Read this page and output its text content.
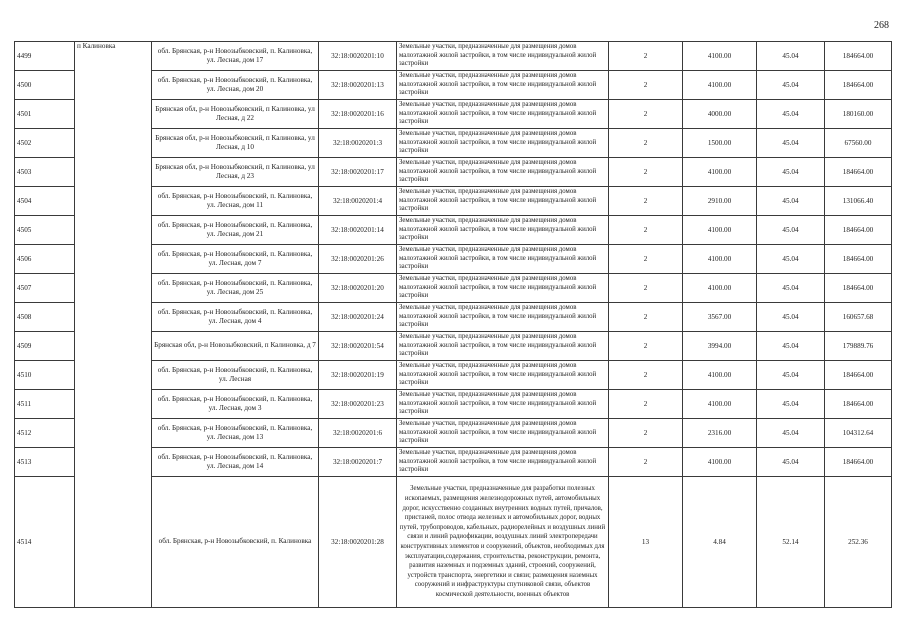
268
4499	п Калиновка	обл. Брянская, р-н Новозыбковский, п. Калиновка, ул. Лесная, дом 17	32:18:0020201:10	Земельные участки, предназначенные для размещения домов малоэтажной жилой застройки, в том числе индивидуальной жилой застройки	2	4100.00	45.04	184664.00
4500		обл. Брянская, р-н Новозыбковский, п. Калиновка, ул. Лесная, дом 20	32:18:0020201:13	Земельные участки, предназначенные для размещения домов малоэтажной жилой застройки, в том числе индивидуальной жилой застройки	2	4100.00	45.04	184664.00
4501		Брянская обл, р-н Новозыбковский, п Калиновка, ул Лесная, д 22	32:18:0020201:16	Земельные участки, предназначенные для размещения домов малоэтажной жилой застройки, в том числе индивидуальной жилой застройки	2	4000.00	45.04	180160.00
4502		Брянская обл, р-н Новозыбковский, п Калиновка, ул Лесная, д 10	32:18:0020201:3	Земельные участки, предназначенные для размещения домов малоэтажной жилой застройки, в том числе индивидуальной жилой застройки	2	1500.00	45.04	67560.00
4503		Брянская обл, р-н Новозыбковский, п Калиновка, ул Лесная, д 23	32:18:0020201:17	Земельные участки, предназначенные для размещения домов малоэтажной жилой застройки, в том числе индивидуальной жилой застройки	2	4100.00	45.04	184664.00
4504		обл. Брянская, р-н Новозыбковский, п. Калиновка, ул. Лесная, дом 11	32:18:0020201:4	Земельные участки, предназначенные для размещения домов малоэтажной жилой застройки, в том числе индивидуальной жилой застройки	2	2910.00	45.04	131066.40
4505		обл. Брянская, р-н Новозыбковский, п. Калиновка, ул. Лесная, дом 21	32:18:0020201:14	Земельные участки, предназначенные для размещения домов малоэтажной жилой застройки, в том числе индивидуальной жилой застройки	2	4100.00	45.04	184664.00
4506		обл. Брянская, р-н Новозыбковский, п. Калиновка, ул. Лесная, дом 7	32:18:0020201:26	Земельные участки, предназначенные для размещения домов малоэтажной жилой застройки, в том числе индивидуальной жилой застройки	2	4100.00	45.04	184664.00
4507		обл. Брянская, р-н Новозыбковский, п. Калиновка, ул. Лесная, дом 25	32:18:0020201:20	Земельные участки, предназначенные для размещения домов малоэтажной жилой застройки, в том числе индивидуальной жилой застройки	2	4100.00	45.04	184664.00
4508		обл. Брянская, р-н Новозыбковский, п. Калиновка, ул. Лесная, дом 4	32:18:0020201:24	Земельные участки, предназначенные для размещения домов малоэтажной жилой застройки, в том числе индивидуальной жилой застройки	2	3567.00	45.04	160657.68
4509		Брянская обл, р-н Новозыбковский, п Калиновка, д 7	32:18:0020201:54	Земельные участки, предназначенные для размещения домов малоэтажной жилой застройки, в том числе индивидуальной жилой застройки	2	3994.00	45.04	179889.76
4510		обл. Брянская, р-н Новозыбковский, п. Калиновка, ул. Лесная	32:18:0020201:19	Земельные участки, предназначенные для размещения домов малоэтажной жилой застройки, в том числе индивидуальной жилой застройки	2	4100.00	45.04	184664.00
4511		обл. Брянская, р-н Новозыбковский, п. Калиновка, ул. Лесная, дом 3	32:18:0020201:23	Земельные участки, предназначенные для размещения домов малоэтажной жилой застройки, в том числе индивидуальной жилой застройки	2	4100.00	45.04	184664.00
4512		обл. Брянская, р-н Новозыбковский, п. Калиновка, ул. Лесная, дом 13	32:18:0020201:6	Земельные участки, предназначенные для размещения домов малоэтажной жилой застройки, в том числе индивидуальной жилой застройки	2	2316.00	45.04	104312.64
4513		обл. Брянская, р-н Новозыбковский, п. Калиновка, ул. Лесная, дом 14	32:18:0020201:7	Земельные участки, предназначенные для размещения домов малоэтажной жилой застройки, в том числе индивидуальной жилой застройки	2	4100.00	45.04	184664.00
4514		обл. Брянская, р-н Новозыбковский, п. Калиновка	32:18:0020201:28	Земельные участки, предназначенные для разработки полезных ископаемых, размещения железнодорожных путей, автомобильных дорог, искусственно созданных внутренних водных путей, причалов, пристаней, полос отвода железных и автомобильных дорог, водных путей, трубопроводов, кабельных, радиорелейных и воздушных линий связи и линий радиофикации, воздушных линий электропередачи конструктивных элементов и сооружений, объектов, необходимых для эксплуатации,содержания, строительства, реконструкции, ремонта, развития наземных и подземных зданий, строений, сооружений, устройств транспорта, энергетики и связи; размещения наземных сооружений и инфраструктуры спутниковой связи, объектов космической деятельности, военных объектов	13	4.84	52.14	252.36
